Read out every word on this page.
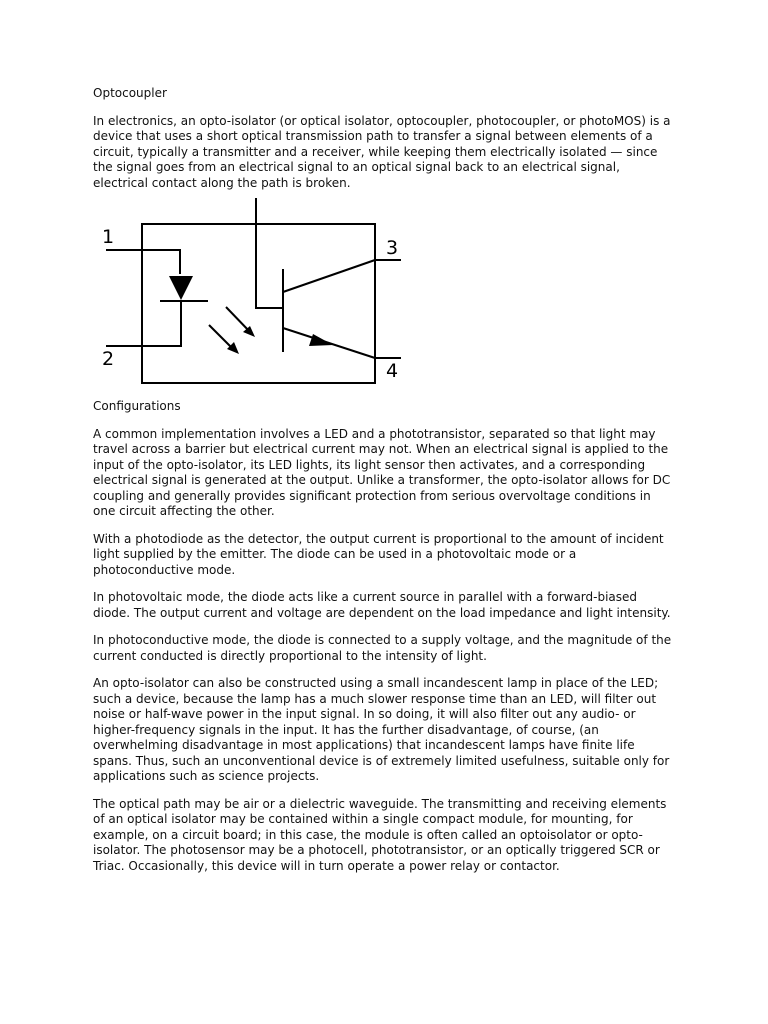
Optocoupler

In electronics, an opto-isolator (or optical isolator, optocoupler, photocoupler, or photoMOS) is a device that uses a short optical transmission path to transfer a signal between elements of a circuit, typically a transmitter and a receiver, while keeping them electrically isolated — since the signal goes from an electrical signal to an optical signal back to an electrical signal, electrical contact along the path is broken.

1
2
3
4
Configurations

A common implementation involves a LED and a phototransistor, separated so that light may travel across a barrier but electrical current may not. When an electrical signal is applied to the input of the opto-isolator, its LED lights, its light sensor then activates, and a corresponding electrical signal is generated at the output. Unlike a transformer, the opto-isolator allows for DC coupling and generally provides significant protection from serious overvoltage conditions in one circuit affecting the other.

With a photodiode as the detector, the output current is proportional to the amount of incident light supplied by the emitter. The diode can be used in a photovoltaic mode or a photoconductive mode.

In photovoltaic mode, the diode acts like a current source in parallel with a forward-biased diode. The output current and voltage are dependent on the load impedance and light intensity.

In photoconductive mode, the diode is connected to a supply voltage, and the magnitude of the current conducted is directly proportional to the intensity of light.

An opto-isolator can also be constructed using a small incandescent lamp in place of the LED; such a device, because the lamp has a much slower response time than an LED, will filter out noise or half-wave power in the input signal. In so doing, it will also filter out any audio- or higher-frequency signals in the input. It has the further disadvantage, of course, (an overwhelming disadvantage in most applications) that incandescent lamps have finite life spans. Thus, such an unconventional device is of extremely limited usefulness, suitable only for applications such as science projects.

The optical path may be air or a dielectric waveguide. The transmitting and receiving elements of an optical isolator may be contained within a single compact module, for mounting, for example, on a circuit board; in this case, the module is often called an optoisolator or opto-isolator. The photosensor may be a photocell, phototransistor, or an optically triggered SCR or Triac. Occasionally, this device will in turn operate a power relay or contactor.
